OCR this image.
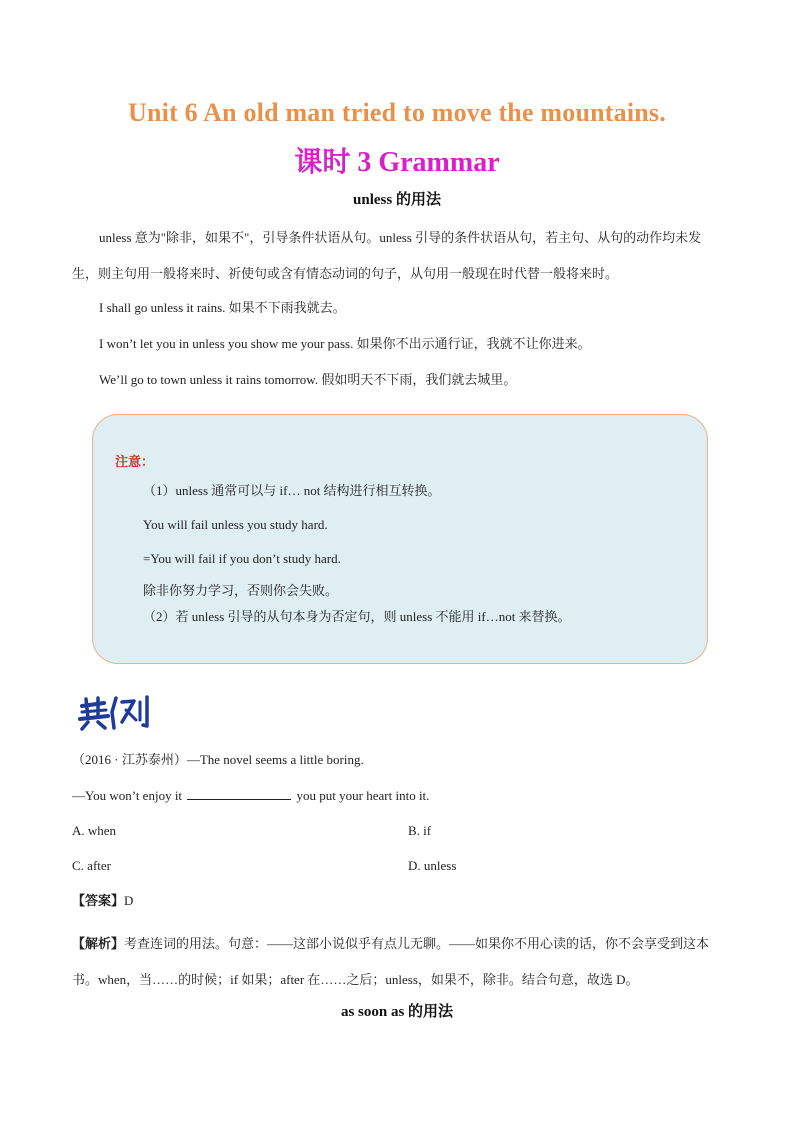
Unit 6 An old man tried to move the mountains.
课时 3 Grammar
unless 的用法
unless 意为"除非，如果不"，引导条件状语从句。unless 引导的条件状语从句，若主句、从句的动作均未发生，则主句用一般将来时、祈使句或含有情态动词的句子，从句用一般现在时代替一般将来时。
I shall go unless it rains. 如果不下雨我就去。
I won’t let you in unless you show me your pass. 如果你不出示通行证，我就不让你进来。
We’ll go to town unless it rains tomorrow. 假如明天不下雨，我们就去城里。
注意：
（1）unless 通常可以与 if… not 结构进行相互转换。
You will fail unless you study hard.
=You will fail if you don’t study hard.
除非你努力学习，否则你会失败。
（2）若 unless 引导的从句本身为否定句，则 unless 不能用 if…not 来替换。
（2016 · 江苏泰州）—The novel seems a little boring.
—You won’t enjoy it	you put your heart into it.
A. when	B. if
C. after	D. unless
【答案】D
【解析】考查连词的用法。句意：——这部小说似乎有点儿无聊。——如果你不用心读的话，你不会享受到这本书。when，当……的时候；if 如果；after 在……之后；unless，如果不，除非。结合句意，故选 D。
as soon as 的用法
